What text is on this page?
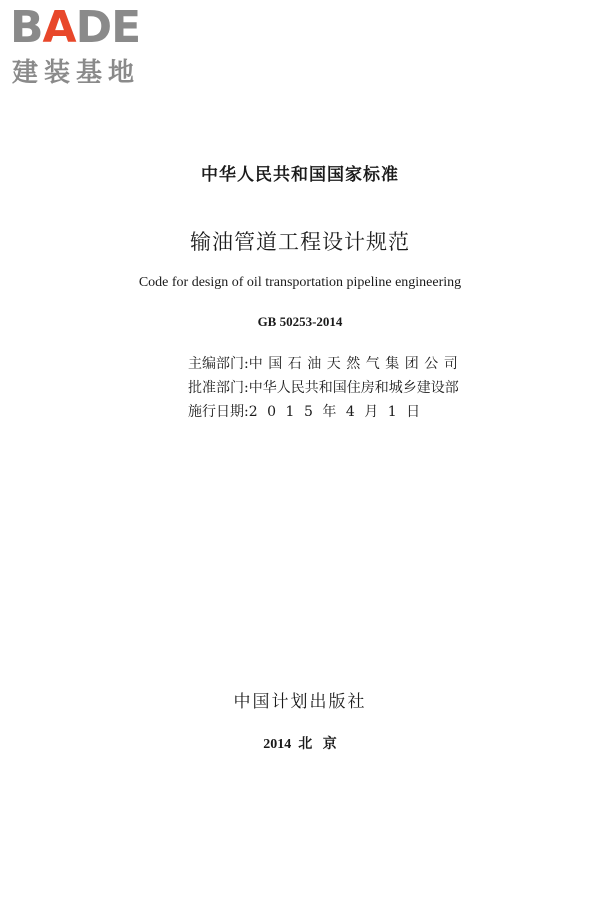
BADE
建装基地
中华人民共和国国家标准
输油管道工程设计规范
Code for design of oil transportation pipeline engineering
GB 50253-2014
主编部门:中国石油天然气集团公司
批准部门:中华人民共和国住房和城乡建设部
施行日期:2015年4月1日
中国计划出版社
2014  北   京
